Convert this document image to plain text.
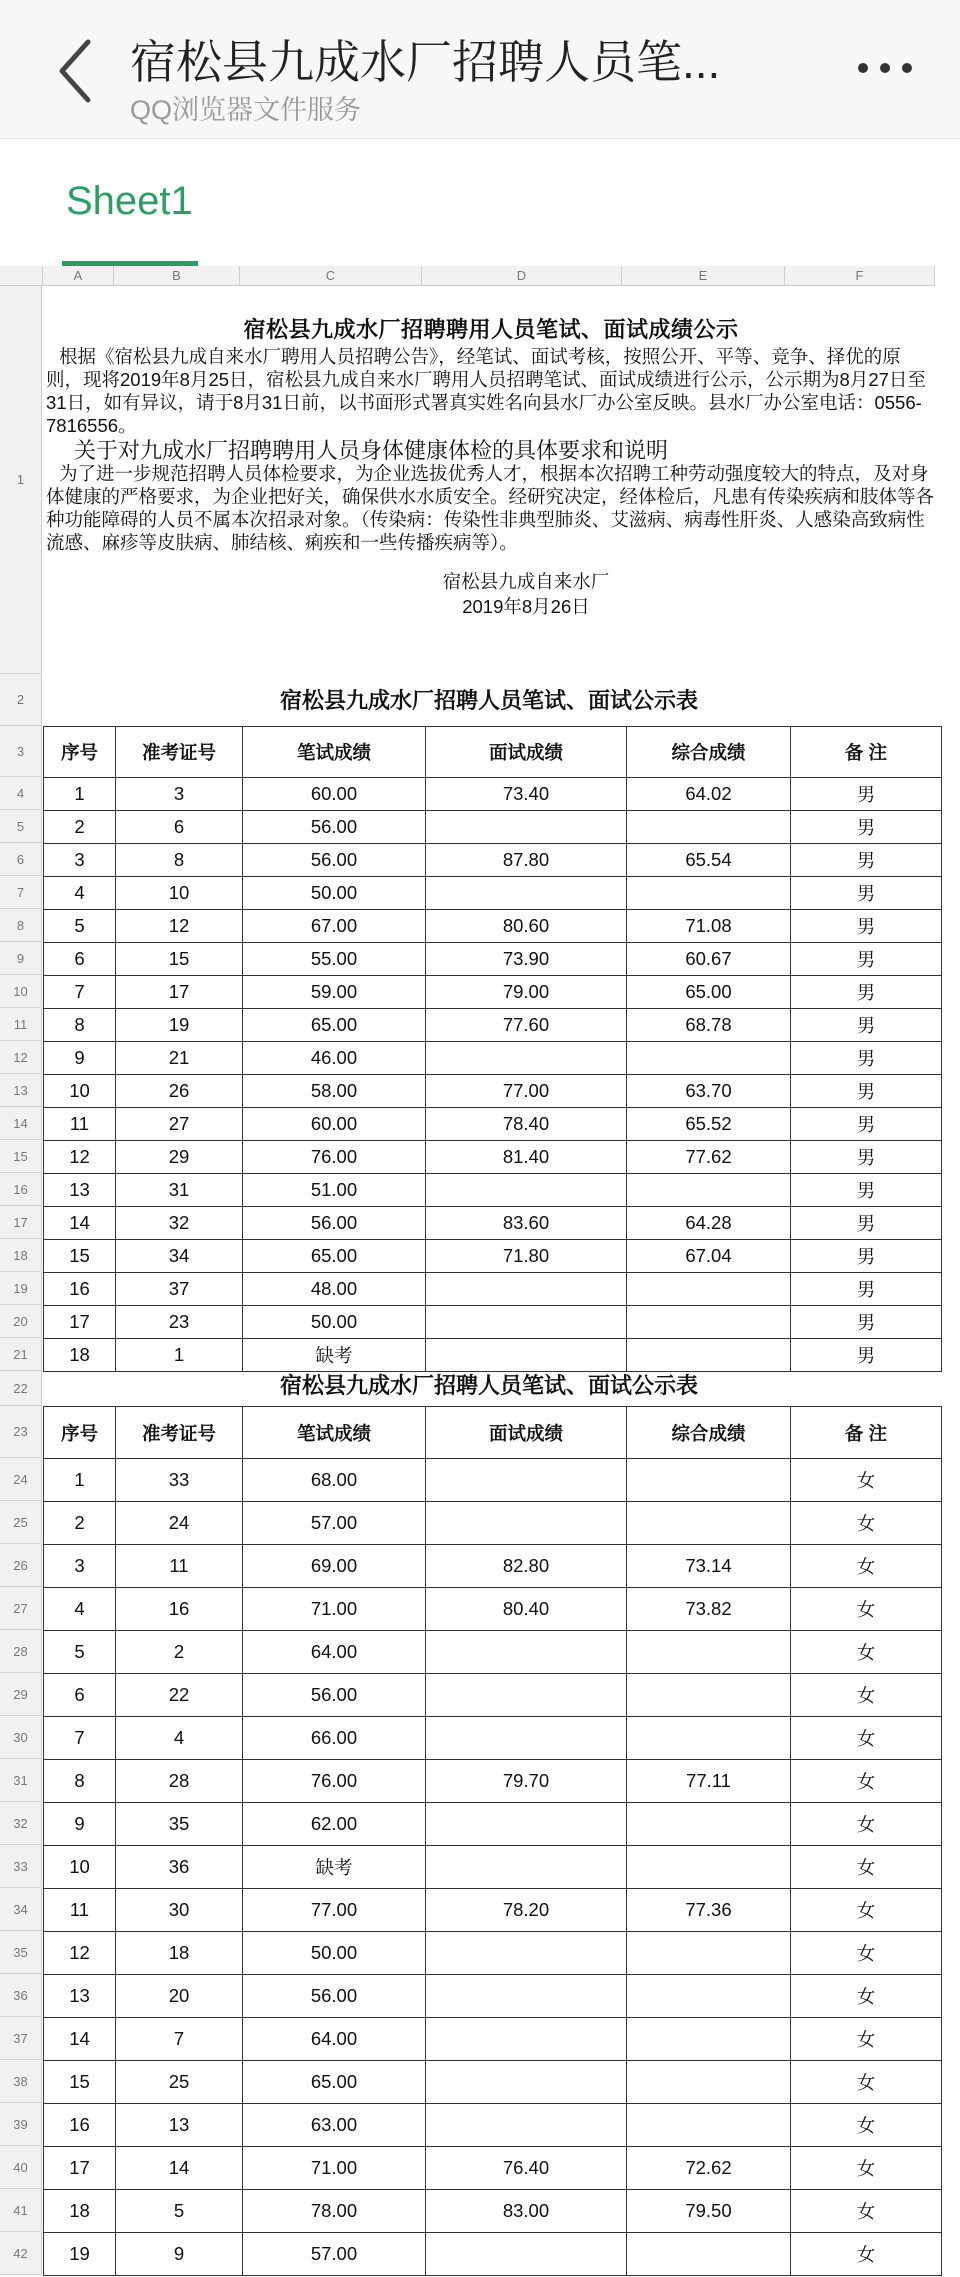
宿松县九成水厂招聘人员笔...
QQ浏览器文件服务
Sheet1
宿松县九成水厂招聘聘用人员笔试、面试成绩公示

根据《宿松县九成自来水厂聘用人员招聘公告》，经笔试、面试考核，按照公开、平等、竞争、择优的原则，现将2019年8月25日，宿松县九成自来水厂聘用人员招聘笔试、面试成绩进行公示，公示期为8月27日至31日，如有异议，请于8月31日前，以书面形式署真实姓名向县水厂办公室反映。县水厂办公室电话：0556-7816556。

关于对九成水厂招聘聘用人员身体健康体检的具体要求和说明

为了进一步规范招聘人员体检要求，为企业选拔优秀人才，根据本次招聘工种劳动强度较大的特点，及对身体健康的严格要求，为企业把好关，确保供水水质安全。经研究决定，经体检后，凡患有传染疾病和肢体等各种功能障碍的人员不属本次招录对象。（传染病：传染性非典型肺炎、艾滋病、病毒性肝炎、人感染高致病性流感、麻疹等皮肤病、肺结核、痢疾和一些传播疾病等）。

宿松县九成自来水厂
2019年8月26日
宿松县九成水厂招聘人员笔试、面试公示表
宿松县九成水厂招聘人员笔试、面试公示表
A	B	C	D	E	F
1
2
3
4
5
6
7
8
9
10
11
12
13
14
15
16
17
18
19
20
21
22
23
24
25
26
27
28
29
30
31
32
33
34
35
36
37
38
39
40
41
42
序号	准考证号	笔试成绩	面试成绩	综合成绩	备 注
1	3	60.00	73.40	64.02	男
2	6	56.00			男
3	8	56.00	87.80	65.54	男
4	10	50.00			男
5	12	67.00	80.60	71.08	男
6	15	55.00	73.90	60.67	男
7	17	59.00	79.00	65.00	男
8	19	65.00	77.60	68.78	男
9	21	46.00			男
10	26	58.00	77.00	63.70	男
11	27	60.00	78.40	65.52	男
12	29	76.00	81.40	77.62	男
13	31	51.00			男
14	32	56.00	83.60	64.28	男
15	34	65.00	71.80	67.04	男
16	37	48.00			男
17	23	50.00			男
18	1	缺考			男
序号	准考证号	笔试成绩	面试成绩	综合成绩	备 注
1	33	68.00			女
2	24	57.00			女
3	11	69.00	82.80	73.14	女
4	16	71.00	80.40	73.82	女
5	2	64.00			女
6	22	56.00			女
7	4	66.00			女
8	28	76.00	79.70	77.11	女
9	35	62.00			女
10	36	缺考			女
11	30	77.00	78.20	77.36	女
12	18	50.00			女
13	20	56.00			女
14	7	64.00			女
15	25	65.00			女
16	13	63.00			女
17	14	71.00	76.40	72.62	女
18	5	78.00	83.00	79.50	女
19	9	57.00			女
